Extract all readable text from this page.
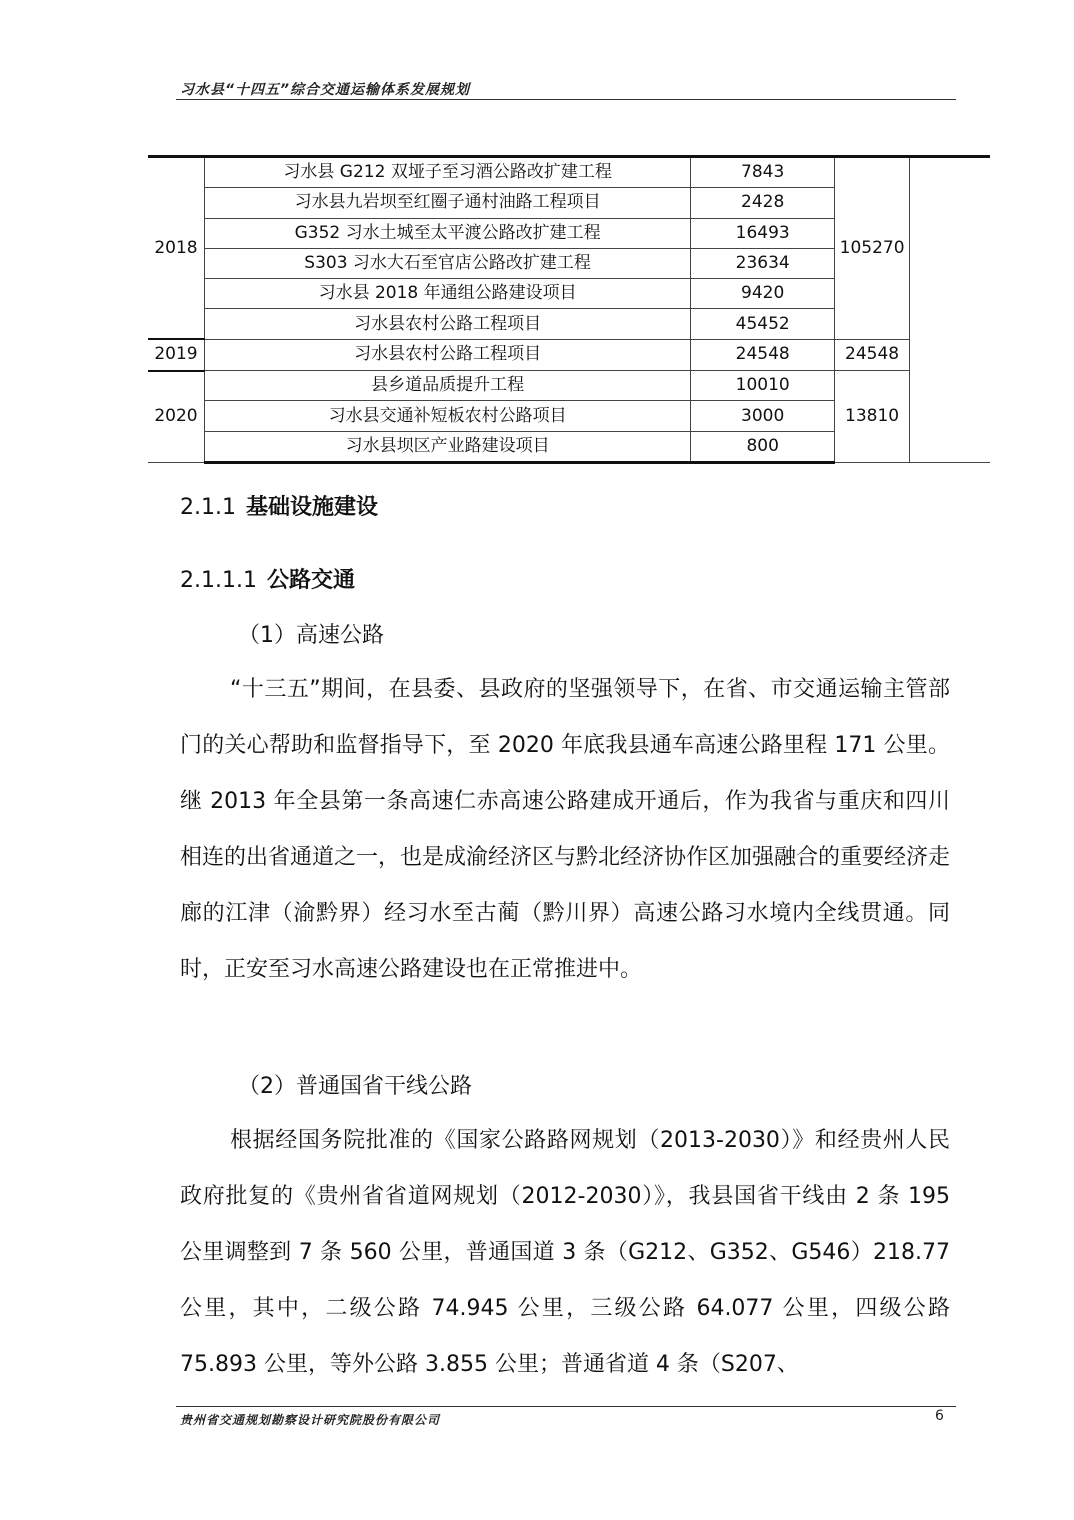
习水县“十四五”综合交通运输体系发展规划
2018	习水县 G212 双垭子至习酒公路改扩建工程	7843	105270	
	习水县九岩坝至红圈子通村油路工程项目	2428		
	G352 习水土城至太平渡公路改扩建工程	16493		
	S303 习水大石至官店公路改扩建工程	23634		
	习水县 2018 年通组公路建设项目	9420		
	习水县农村公路工程项目	45452		
2019	习水县农村公路工程项目	24548	24548	
2020	县乡道品质提升工程	10010	13810	
	习水县交通补短板农村公路项目	3000		
	习水县坝区产业路建设项目	800		
2.1.1 基础设施建设
2.1.1.1 公路交通
（1）高速公路
“十三五”期间，在县委、县政府的坚强领导下，在省、市交通运输主管部门的关心帮助和监督指导下，至 2020 年底我县通车高速公路里程 171 公里。继 2013 年全县第一条高速仁赤高速公路建成开通后，作为我省与重庆和四川相连的出省通道之一，也是成渝经济区与黔北经济协作区加强融合的重要经济走廊的江津（渝黔界）经习水至古蔺（黔川界）高速公路习水境内全线贯通。同时，正安至习水高速公路建设也在正常推进中。
（2）普通国省干线公路
根据经国务院批准的《国家公路路网规划（2013-2030）》和经贵州人民政府批复的《贵州省省道网规划（2012-2030）》，我县国省干线由 2 条 195 公里调整到 7 条 560 公里，普通国道 3 条（G212、G352、G546）218.77 公里，其中，二级公路 74.945 公里，三级公路 64.077 公里，四级公路 75.893 公里，等外公路 3.855 公里；普通省道 4 条（S207、
贵州省交通规划勘察设计研究院股份有限公司	6
